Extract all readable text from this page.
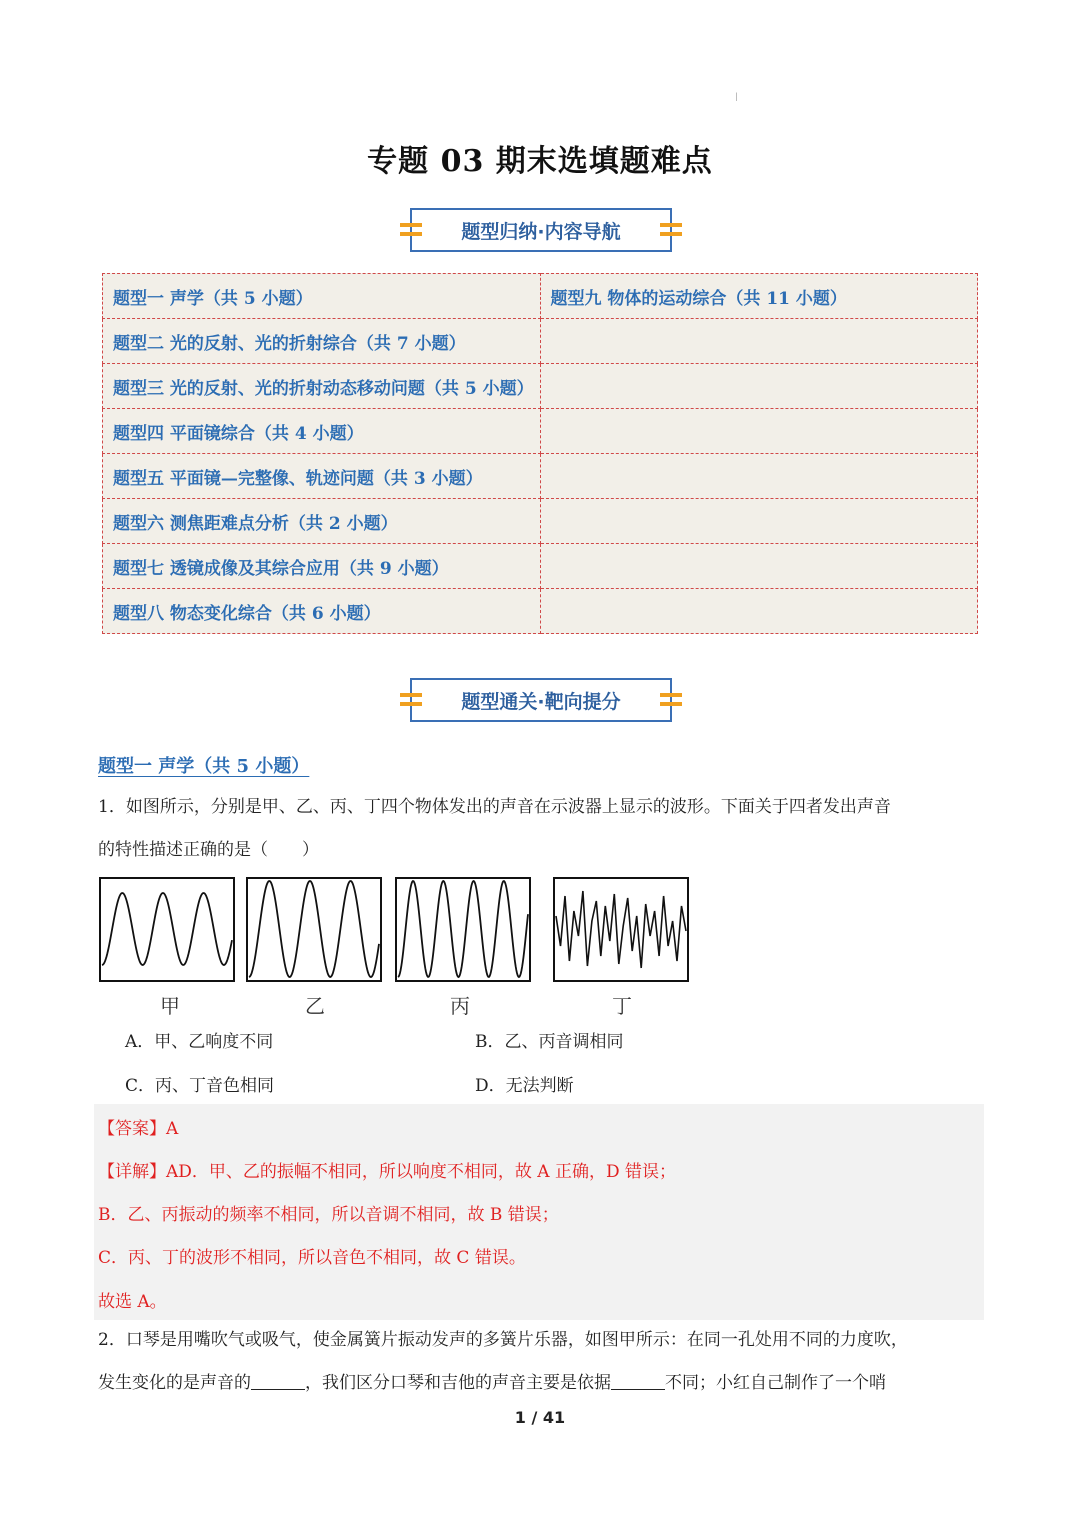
|
专题 03 期末选填题难点
题型归纳·内容导航
题型一 声学（共 5 小题）	题型九 物体的运动综合（共 11 小题）
题型二 光的反射、光的折射综合（共 7 小题）	
题型三 光的反射、光的折射动态移动问题（共 5 小题）	
题型四 平面镜综合（共 4 小题）	
题型五 平面镜—完整像、轨迹问题（共 3 小题）	
题型六 测焦距难点分析（共 2 小题）	
题型七 透镜成像及其综合应用（共 9 小题）	
题型八 物态变化综合（共 6 小题）	
题型通关·靶向提分
题型一 声学（共 5 小题）
1．如图所示，分别是甲、乙、丙、丁四个物体发出的声音在示波器上显示的波形。下面关于四者发出声音
的特性描述正确的是（　　）
甲	乙	丙	丁
A．甲、乙响度不同	B．乙、丙音调相同
C．丙、丁音色相同	D．无法判断
【答案】A
【详解】AD．甲、乙的振幅不相同，所以响度不相同，故 A 正确，D 错误；
B．乙、丙振动的频率不相同，所以音调不相同，故 B 错误；
C．丙、丁的波形不相同，所以音色不相同，故 C 错误。
故选 A。
2．口琴是用嘴吹气或吸气，使金属簧片振动发声的多簧片乐器，如图甲所示：在同一孔处用不同的力度吹，
发生变化的是声音的	，我们区分口琴和吉他的声音主要是依据	不同；小红自己制作了一个哨
1 / 41
